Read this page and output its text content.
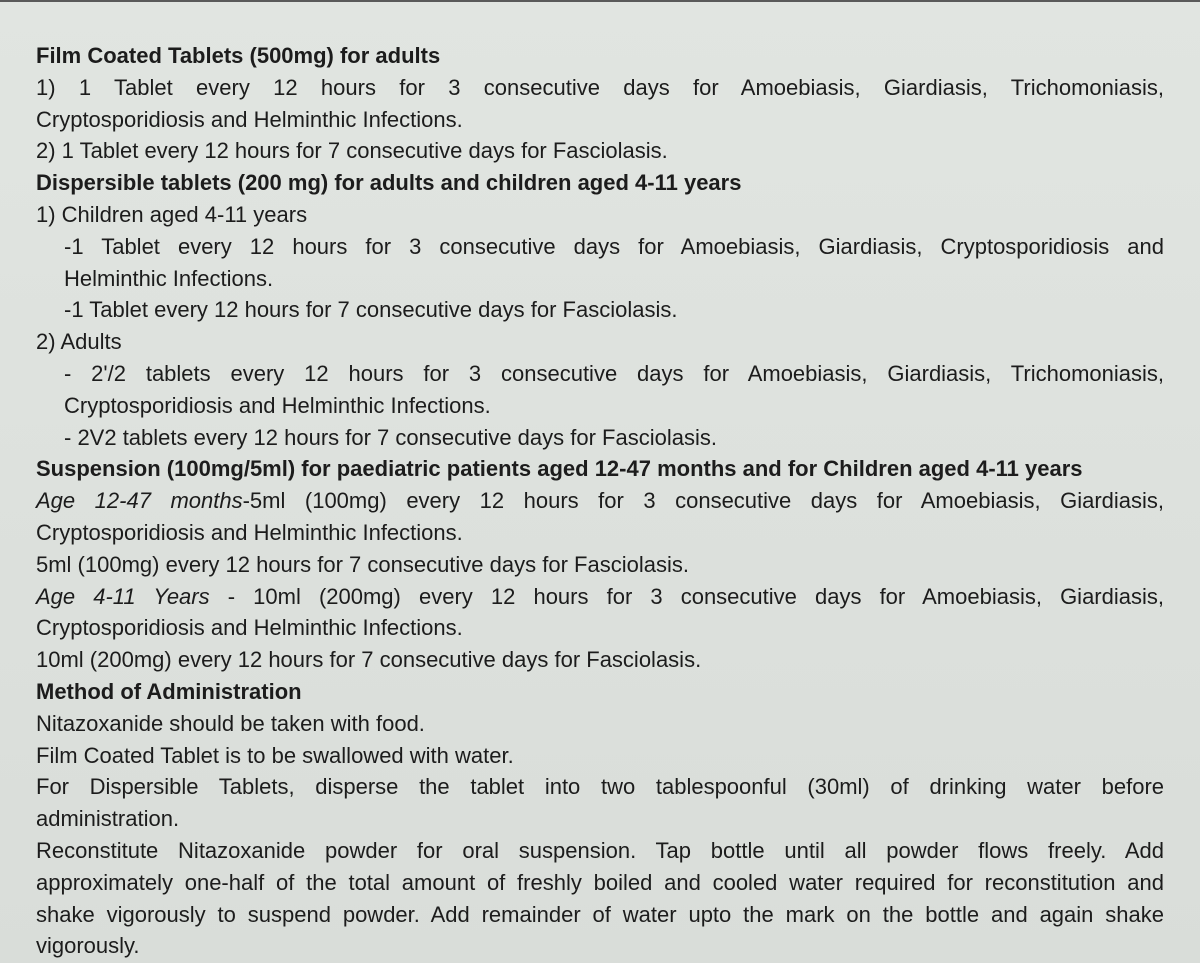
Film Coated Tablets (500mg) for adults
1) 1 Tablet every 12 hours for 3 consecutive days for Amoebiasis, Giardiasis, Trichomoniasis,
Cryptosporidiosis and Helminthic Infections.
2) 1 Tablet every 12 hours for 7 consecutive days for Fasciolasis.
Dispersible tablets (200 mg) for adults and children aged 4-11 years
1) Children aged 4-11 years
-1 Tablet every 12 hours for 3 consecutive days for Amoebiasis, Giardiasis, Cryptosporidiosis and
Helminthic Infections.
-1 Tablet every 12 hours for 7 consecutive days for Fasciolasis.
2) Adults
- 2'/2 tablets every 12 hours for 3 consecutive days for Amoebiasis, Giardiasis, Trichomoniasis,
Cryptosporidiosis and Helminthic Infections.
- 2V2 tablets every 12 hours for 7 consecutive days for Fasciolasis.
Suspension (100mg/5ml) for paediatric patients aged 12-47 months and for Children aged 4-11 years
Age 12-47 months-5ml (100mg) every 12 hours for 3 consecutive days for Amoebiasis, Giardiasis,
Cryptosporidiosis and Helminthic Infections.
5ml (100mg) every 12 hours for 7 consecutive days for Fasciolasis.
Age 4-11 Years - 10ml (200mg) every 12 hours for 3 consecutive days for Amoebiasis, Giardiasis,
Cryptosporidiosis and Helminthic Infections.
10ml (200mg) every 12 hours for 7 consecutive days for Fasciolasis.
Method of Administration
Nitazoxanide should be taken with food.
Film Coated Tablet is to be swallowed with water.
For Dispersible Tablets, disperse the tablet into two tablespoonful (30ml) of drinking water before
administration.
Reconstitute Nitazoxanide powder for oral suspension. Tap bottle until all powder flows freely. Add
approximately one-half of the total amount of freshly boiled and cooled water required for reconstitution and
shake vigorously to suspend powder. Add remainder of water upto the mark on the bottle and again shake
vigorously.
